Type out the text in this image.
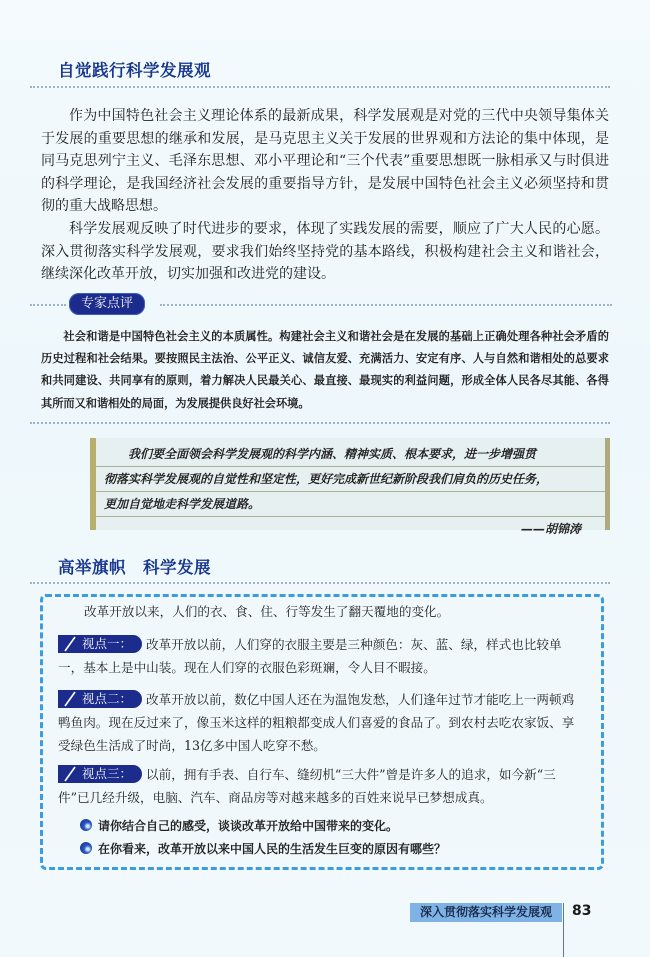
自觉践行科学发展观

作为中国特色社会主义理论体系的最新成果，科学发展观是对党的三代中央领导集体关于发展的重要思想的继承和发展，是马克思主义关于发展的世界观和方法论的集中体现，是同马克思列宁主义、毛泽东思想、邓小平理论和“三个代表”重要思想既一脉相承又与时俱进的科学理论，是我国经济社会发展的重要指导方针，是发展中国特色社会主义必须坚持和贯彻的重大战略思想。

科学发展观反映了时代进步的要求，体现了实践发展的需要，顺应了广大人民的心愿。深入贯彻落实科学发展观，要求我们始终坚持党的基本路线，积极构建社会主义和谐社会，继续深化改革开放，切实加强和改进党的建设。

专家点评
社会和谐是中国特色社会主义的本质属性。构建社会主义和谐社会是在发展的基础上正确处理各种社会矛盾的历史过程和社会结果。要按照民主法治、公平正义、诚信友爱、充满活力、安定有序、人与自然和谐相处的总要求和共同建设、共同享有的原则，着力解决人民最关心、最直接、最现实的利益问题，形成全体人民各尽其能、各得其所而又和谐相处的局面，为发展提供良好社会环境。
　　我们要全面领会科学发展观的科学内涵、精神实质、根本要求，进一步增强贯
彻落实科学发展观的自觉性和坚定性，更好完成新世纪新阶段我们肩负的历史任务，
更加自觉地走科学发展道路。
——胡锦涛
高举旗帜　科学发展
改革开放以来，人们的衣、食、住、行等发生了翻天覆地的变化。
视点一： 改革开放以前，人们穿的衣服主要是三种颜色：灰、蓝、绿，样式也比较单一，基本上是中山装。现在人们穿的衣服色彩斑斓，令人目不暇接。
视点二： 改革开放以前，数亿中国人还在为温饱发愁，人们逢年过节才能吃上一两顿鸡鸭鱼肉。现在反过来了，像玉米这样的粗粮都变成人们喜爱的食品了。到农村去吃农家饭、享受绿色生活成了时尚，13亿多中国人吃穿不愁。
视点三： 以前，拥有手表、自行车、缝纫机“三大件”曾是许多人的追求，如今新“三件”已几经升级，电脑、汽车、商品房等对越来越多的百姓来说早已梦想成真。
请你结合自己的感受，谈谈改革开放给中国带来的变化。
在你看来，改革开放以来中国人民的生活发生巨变的原因有哪些？
深入贯彻落实科学发展观	83
